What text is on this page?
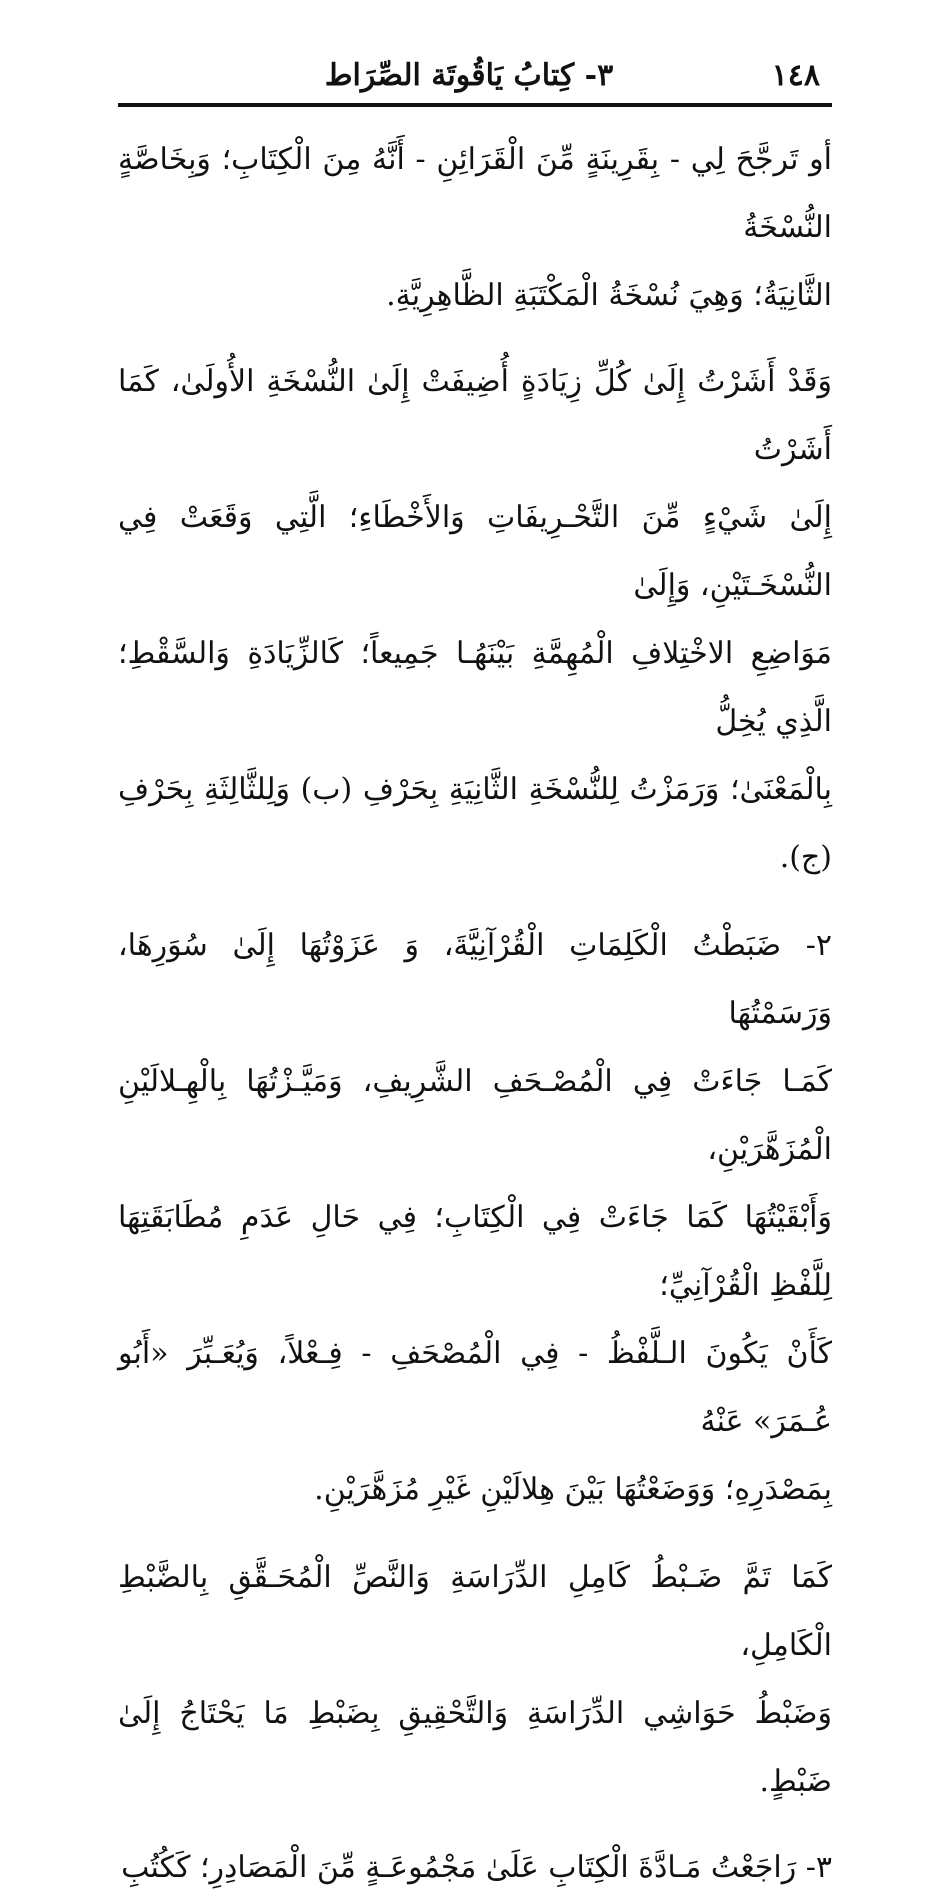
١٤٨
٣- كِتابُ يَاقُوتَة الصِّرَاط

أو تَرجَّحَ لِي - بِقَرِينَةٍ مِّنَ الْقَرَائِنِ - أَنَّهُ مِنَ الْكِتَابِ؛ وَبِخَاصَّةٍ النُّسْخَةُ
الثَّانِيَةُ؛ وَهِيَ نُسْخَةُ الْمَكْتَبَةِ الظَّاهِرِيَّةِ.

وَقَدْ أَشَرْتُ إِلَىٰ كُلِّ زِيَادَةٍ أُضِيفَتْ إِلَىٰ النُّسْخَةِ الأُولَىٰ، كَمَا أَشَرْتُ
إِلَىٰ شَيْءٍ مِّنَ التَّحْـرِيفَاتِ وَالأَخْطَاءِ؛ الَّتِي وَقَعَتْ فِي النُّسْخَـتَيْنِ، وَإِلَىٰ
مَوَاضِعِ الاخْتِلافِ الْمُهِمَّةِ بَيْنَهُـا جَمِيعاً؛ كَالزِّيَادَةِ وَالسَّقْطِ؛ الَّذِي يُخِلُّ
بِالْمَعْنَىٰ؛ وَرَمَزْتُ لِلنُّسْخَةِ الثَّانِيَةِ بِحَرْفِ (ب) وَلِلثَّالِثَةِ بِحَرْفِ (ج).

٢- ضَبَطْتُ الْكَلِمَاتِ الْقُرْآنِيَّةَ، وَ عَزَوْتُهَا إِلَىٰ سُوَرِهَا، وَرَسَمْتُهَا
كَمَـا جَاءَتْ فِي الْمُصْـحَفِ الشَّرِيفِ، وَمَيَّـزْتُهَا بِالْهِـلالَيْنِ الْمُزَهَّرَيْنِ،
وَأَبْقَيْتُهَا كَمَا جَاءَتْ فِي الْكِتَابِ؛ فِي حَالِ عَدَمِ مُطَابَقَتِهَا لِلَّفْظِ الْقُرْآنِيِّ؛
كَأَنْ يَكُونَ الـلَّفْظُ - فِي الْمُصْحَفِ - فِـعْلاً، وَيُعَـبِّرَ «أَبُو عُـمَرَ» عَنْهُ
بِمَصْدَرِهِ؛ وَوَضَعْتُهَا بَيْنَ هِلالَيْنِ غَيْرِ مُزَهَّرَيْنِ.

كَمَا تَمَّ ضَـبْطُ كَامِلِ الدِّرَاسَةِ وَالنَّصِّ الْمُحَـقَّقِ بِالضَّبْطِ الْكَامِلِ،
وَضَبْطُ حَوَاشِي الدِّرَاسَةِ وَالتَّحْقِيقِ بِضَبْطِ مَا يَحْتَاجُ إِلَىٰ ضَبْطٍ.

٣- رَاجَعْتُ مَـادَّةَ الْكِتَابِ عَلَىٰ مَجْمُوعَـةٍ مِّنَ الْمَصَادِرِ؛ كَكُتُبِ
